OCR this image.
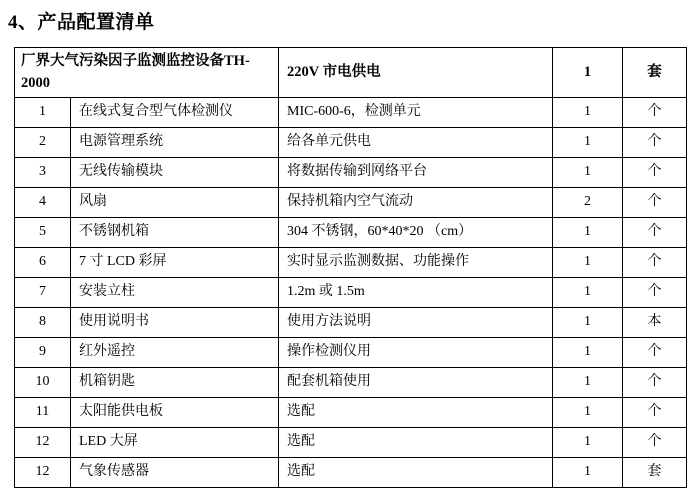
4、产品配置清单
厂界大气污染因子监测监控设备TH-2000		220V 市电供电	1	套
1	在线式复合型气体检测仪	MIC-600-6，检测单元	1	个
2	电源管理系统	给各单元供电	1	个
3	无线传输模块	将数据传输到网络平台	1	个
4	风扇	保持机箱内空气流动	2	个
5	不锈钢机箱	304 不锈钢，60*40*20 （cm）	1	个
6	7 寸 LCD 彩屏	实时显示监测数据、功能操作	1	个
7	安装立柱	1.2m 或 1.5m	1	个
8	使用说明书	使用方法说明	1	本
9	红外遥控	操作检测仪用	1	个
10	机箱钥匙	配套机箱使用	1	个
11	太阳能供电板	选配	1	个
12	LED 大屏	选配	1	个
12	气象传感器	选配	1	套
